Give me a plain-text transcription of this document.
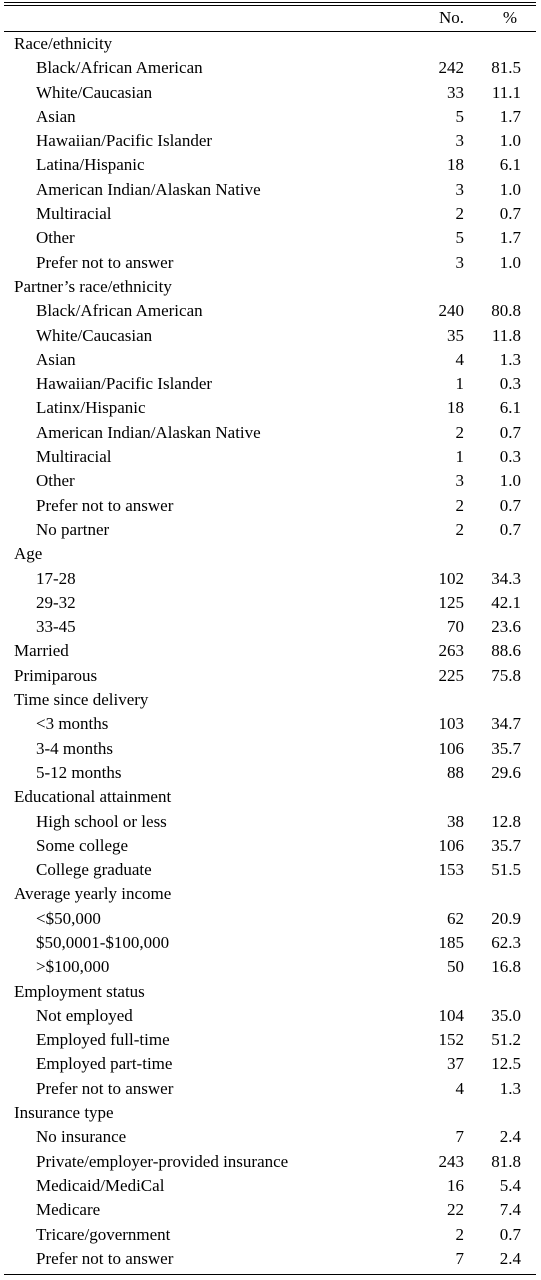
No. %
Race/ethnicity
Black/African American	242 81.5
White/Caucasian	33 11.1
Asian	5 1.7
Hawaiian/Pacific Islander	3 1.0
Latina/Hispanic	18 6.1
American Indian/Alaskan Native	3 1.0
Multiracial	2 0.7
Other	5 1.7
Prefer not to answer	3 1.0
Partner’s race/ethnicity
Black/African American	240 80.8
White/Caucasian	35 11.8
Asian	4 1.3
Hawaiian/Pacific Islander	1 0.3
Latinx/Hispanic	18 6.1
American Indian/Alaskan Native	2 0.7
Multiracial	1 0.3
Other	3 1.0
Prefer not to answer	2 0.7
No partner	2 0.7
Age
17-28	102 34.3
29-32	125 42.1
33-45	70 23.6
Married	263 88.6
Primiparous	225 75.8
Time since delivery
<3 months	103 34.7
3-4 months	106 35.7
5-12 months	88 29.6
Educational attainment
High school or less	38 12.8
Some college	106 35.7
College graduate	153 51.5
Average yearly income
<$50,000	62 20.9
$50,0001-$100,000	185 62.3
>$100,000	50 16.8
Employment status
Not employed	104 35.0
Employed full-time	152 51.2
Employed part-time	37 12.5
Prefer not to answer	4 1.3
Insurance type
No insurance	7 2.4
Private/employer-provided insurance	243 81.8
Medicaid/MediCal	16 5.4
Medicare	22 7.4
Tricare/government	2 0.7
Prefer not to answer	7 2.4
